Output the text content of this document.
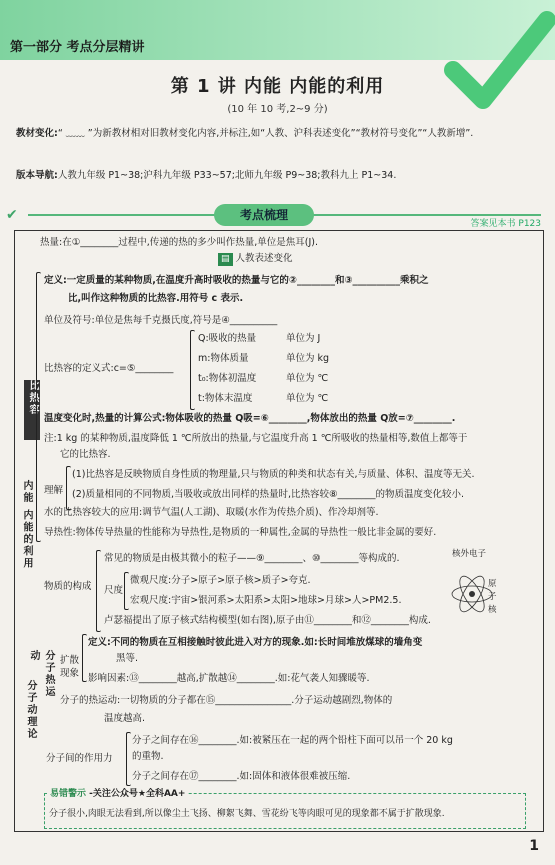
第一部分 考点分层精讲
第 1 讲 内能 内能的利用
(10 年 10 考,2~9 分)
教材变化:“ ﹏﹏ ”为新教材相对旧教材变化内容,并标注,如“人教、沪科表述变化”“教材符号变化”“人教新增”.
版本导航:人教九年级 P1~38;沪科九年级 P33~57;北师九年级 P9~38;教科九上 P1~34.
✔	考点梳理
答案见本书 P123
内能 内能的利用
热量:在①________过程中,传递的热的多少叫作热量,单位是焦耳(J).
▤ 人教表述变化
比热容
定义:一定质量的某种物质,在温度升高时吸收的热量与它的②________和③__________乘积之
比,叫作这种物质的比热容.用符号 c 表示.
单位及符号:单位是焦每千克摄氏度,符号是④__________
比热容的定义式:c=⑤________
Q:吸收的热量	单位为 J
m:物体质量	单位为 kg
t₀:物体初温度	单位为 ℃
t:物体末温度	单位为 ℃
温度变化时,热量的计算公式:物体吸收的热量 Q吸=⑥________,物体放出的热量 Q放=⑦________.
注:1 kg 的某种物质,温度降低 1 ℃所放出的热量,与它温度升高 1 ℃所吸收的热量相等,数值上都等于
它的比热容.
理解
(1)比热容是反映物质自身性质的物理量,只与物质的种类和状态有关,与质量、体积、温度等无关.
(2)质量相同的不同物质,当吸收或放出同样的热量时,比热容较⑧________的物质温度变化较小.
水的比热容较大的应用:调节气温(人工湖)、取暖(水作为传热介质)、作冷却剂等.
导热性:物体传导热量的性能称为导热性,是物质的一种属性,金属的导热性一般比非金属的要好.
物质的构成
常见的物质是由极其微小的粒子——⑨________、⑩________等构成的.
尺度
微观尺度:分子>原子>原子核>质子>夸克.
宏观尺度:宇宙>银河系>太阳系>太阳>地球>月球>人>PM2.5.
卢瑟福提出了原子核式结构模型(如右图),原子由⑪________和⑫________构成.
核外电子
原子核
分子动理论
分子热运动	扩散现象
定义:不同的物质在互相接触时彼此进入对方的现象.如:长时间堆放煤球的墙角变
黑等.
影响因素:⑬________越高,扩散越⑭________.如:花气袭人知骤暖等.
分子的热运动:一切物质的分子都在⑮________________.分子运动越剧烈,物体的
温度越高.
分子间的作用力
分子之间存在⑯________.如:被紧压在一起的两个铅柱下面可以吊一个 20 kg
的重物.
分子之间存在⑰________.如:固体和液体很难被压缩.
易错警示 -关注公众号★全科AA+
分子很小,肉眼无法看到,所以像尘土飞扬、柳絮飞舞、雪花纷飞等肉眼可见的现象都不属于扩散现象.
1
